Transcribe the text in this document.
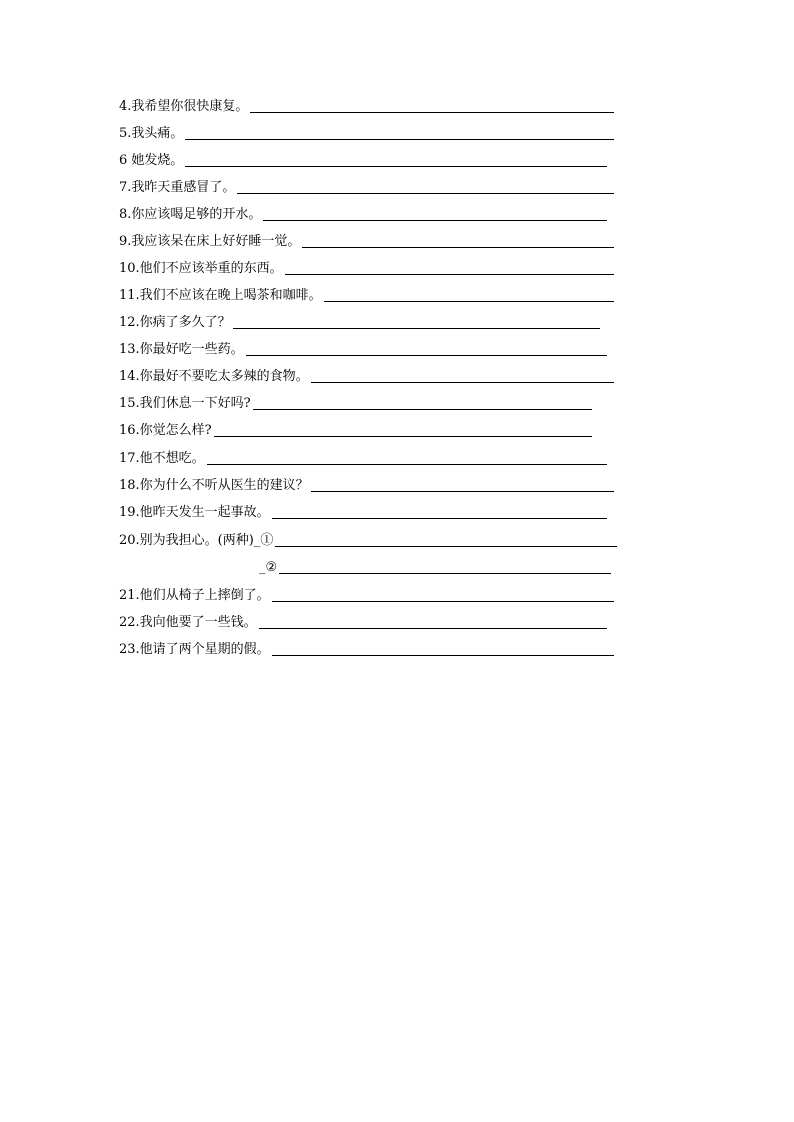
4.我希望你很快康复。
5.我头痛。
6 她发烧。
7.我昨天重感冒了。
8.你应该喝足够的开水。
9.我应该呆在床上好好睡一觉。
10.他们不应该举重的东西。
11.我们不应该在晚上喝茶和咖啡。
12.你病了多久了？
13.你最好吃一些药。
14.你最好不要吃太多辣的食物。
15.我们休息一下好吗?
16.你觉怎么样?
17.他不想吃。
18.你为什么不听从医生的建议？
19.他昨天发生一起事故。
20.别为我担心。(两种)_①
_②
21.他们从椅子上摔倒了。
22.我向他要了一些钱。
23.他请了两个星期的假。
